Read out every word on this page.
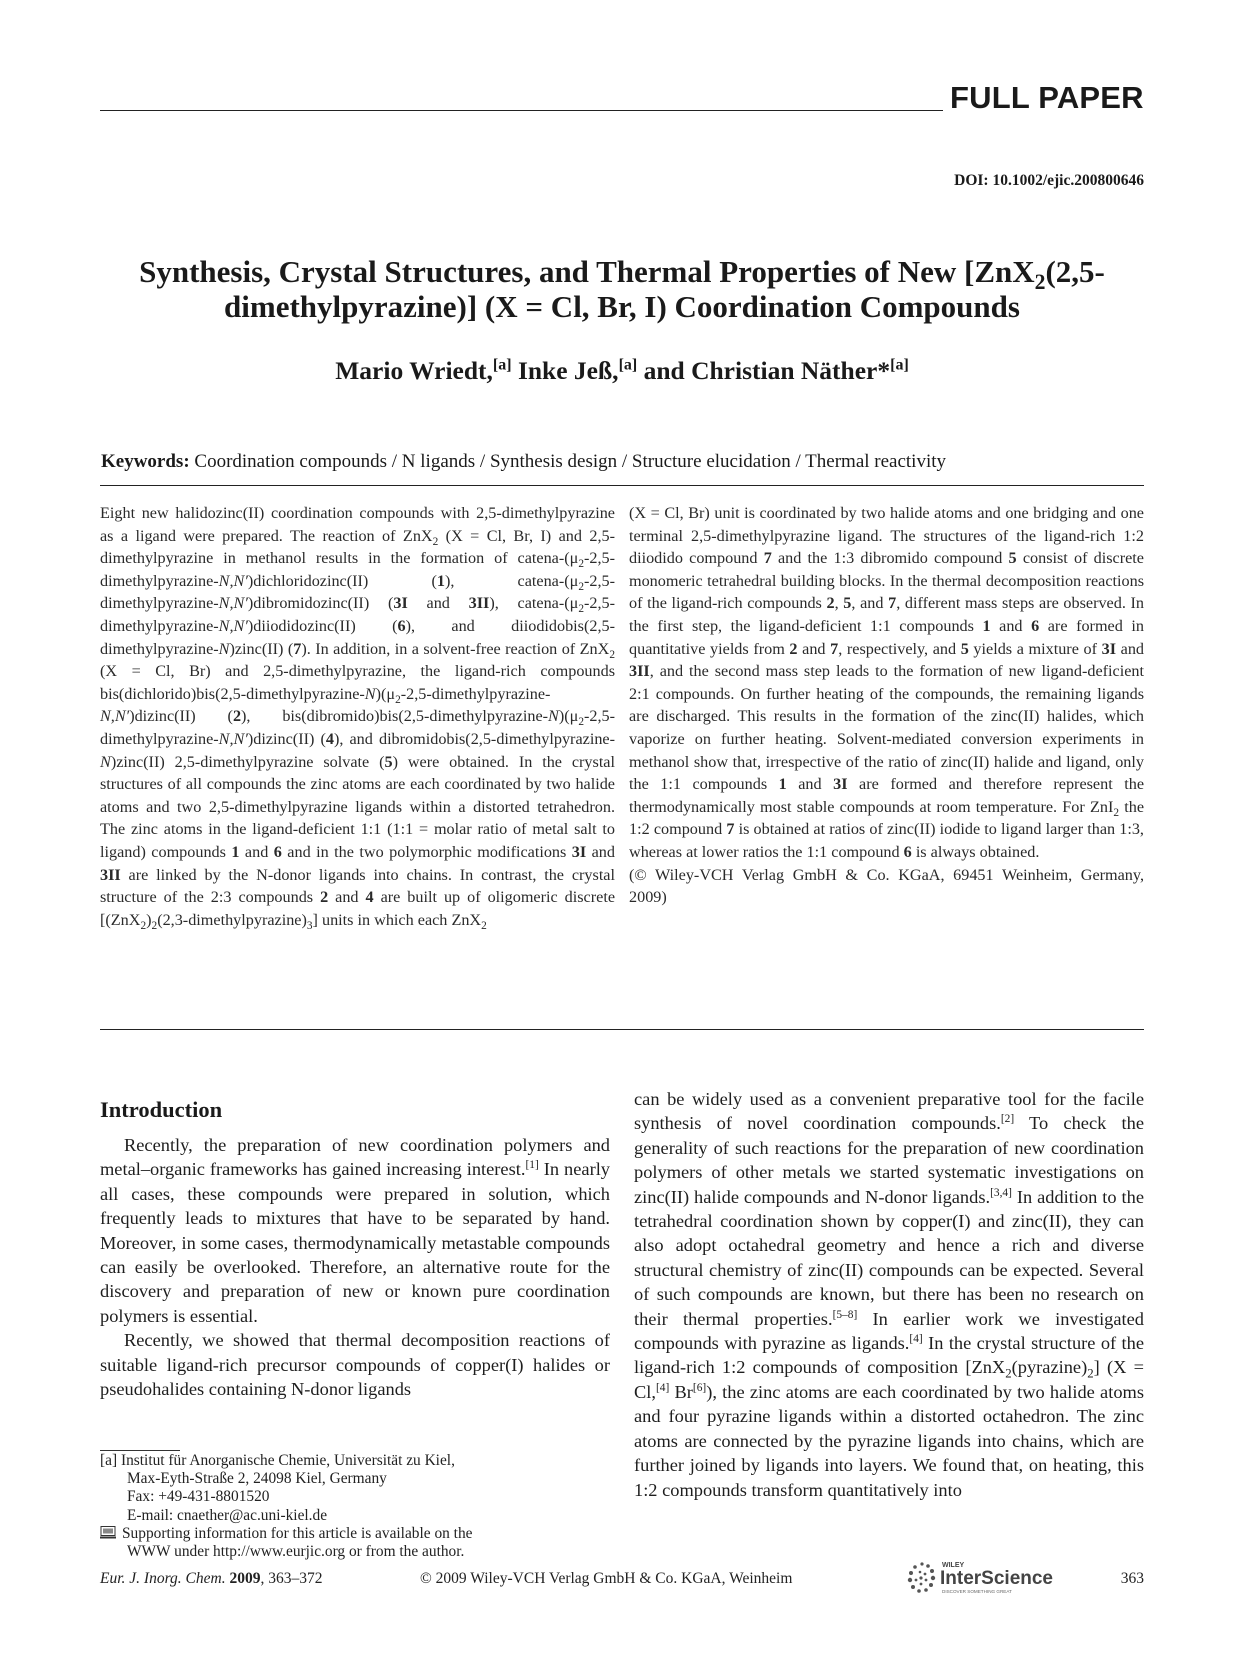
FULL PAPER
DOI: 10.1002/ejic.200800646
Synthesis, Crystal Structures, and Thermal Properties of New [ZnX$_2$(2,5-
dimethylpyrazine)] (X = Cl, Br, I) Coordination Compounds
Mario Wriedt,[a] Inke Jeß,[a] and Christian Näther*[a]
Keywords: Coordination compounds / N ligands / Synthesis design / Structure elucidation / Thermal reactivity

Eight new halidozinc(II) coordination compounds with 2,5-dimethylpyrazine as a ligand were prepared. The reaction of ZnX$_2$ (X = Cl, Br, I) and 2,5-dimethylpyrazine in methanol results in the formation of catena-$(\mu_2-2,5-dimethylpyrazine-N,N')dichloridozinc(II)$ (1), catena-$(\mu_2-2,5-dimethylpyrazine-N,N')dibromidozinc(II)$ (3I and 3II), catena-$(\mu_2-2,5-dimethylpyrazine-N,N')diiodidozinc(II)$ (6), and diiodidobis(2,5-dimethylpyrazine-N)zinc(II) (7). In addition, in a solvent-free reaction of ZnX$_2$ (X = Cl, Br) and 2,5-dimethylpyrazine, the ligand-rich compounds $bis(dichlorido)bis(2,5-dimethylpyrazine-N)(\mu_2-2,5-dimethylpyrazine-N,N')dizinc(II)$ (2), $bis(dibromido)bis(2,5-dimethylpyrazine-N)(\mu_2-2,5-dimethylpyrazine-N,N')dizinc(II)$ (4), and dibromidobis(2,5-dimethylpyrazine-N)zinc(II) 2,5-dimethylpyrazine solvate (5) were obtained. In the crystal structures of all compounds the zinc atoms are each coordinated by two halide atoms and two 2,5-dimethylpyrazine ligands within a distorted tetrahedron. The zinc atoms in the ligand-deficient 1:1 (1:1 = molar ratio of metal salt to ligand) compounds 1 and 6 and in the two polymorphic modifications 3I and 3II are linked by the N-donor ligands into chains. In contrast, the crystal structure of the 2:3 compounds 2 and 4 are built up of oligomeric discrete $[(ZnX_2)_2(2,3-dimethylpyrazine)_3]$ units in which each ZnX$_2$

(X = Cl, Br) unit is coordinated by two halide atoms and one bridging and one terminal 2,5-dimethylpyrazine ligand. The structures of the ligand-rich 1:2 diiodido compound 7 and the 1:3 dibromido compound 5 consist of discrete monomeric tetrahedral building blocks. In the thermal decomposition reactions of the ligand-rich compounds 2, 5, and 7, different mass steps are observed. In the first step, the ligand-deficient 1:1 compounds 1 and 6 are formed in quantitative yields from 2 and 7, respectively, and 5 yields a mixture of 3I and 3II, and the second mass step leads to the formation of new ligand-deficient 2:1 compounds. On further heating of the compounds, the remaining ligands are discharged. This results in the formation of the zinc(II) halides, which vaporize on further heating. Solvent-mediated conversion experiments in methanol show that, irrespective of the ratio of zinc(II) halide and ligand, only the 1:1 compounds 1 and 3I are formed and therefore represent the thermodynamically most stable compounds at room temperature. For ZnI$_2$ the 1:2 compound 7 is obtained at ratios of zinc(II) iodide to ligand larger than 1:3, whereas at lower ratios the 1:1 compound 6 is always obtained.

(© Wiley-VCH Verlag GmbH & Co. KGaA, 69451 Weinheim, Germany, 2009)

Introduction

Recently, the preparation of new coordination polymers and metal–organic frameworks has gained increasing interest.[1] In nearly all cases, these compounds were prepared in solution, which frequently leads to mixtures that have to be separated by hand. Moreover, in some cases, thermodynamically metastable compounds can easily be overlooked. Therefore, an alternative route for the discovery and preparation of new or known pure coordination polymers is essential.

Recently, we showed that thermal decomposition reactions of suitable ligand-rich precursor compounds of copper(I) halides or pseudohalides containing N-donor ligands

can be widely used as a convenient preparative tool for the facile synthesis of novel coordination compounds.[2] To check the generality of such reactions for the preparation of new coordination polymers of other metals we started systematic investigations on zinc(II) halide compounds and N-donor ligands.[3,4] In addition to the tetrahedral coordination shown by copper(I) and zinc(II), they can also adopt octahedral geometry and hence a rich and diverse structural chemistry of zinc(II) compounds can be expected. Several of such compounds are known, but there has been no research on their thermal properties.[5–8] In earlier work we investigated compounds with pyrazine as ligands.[4] In the crystal structure of the ligand-rich 1:2 compounds of composition $[ZnX_2(pyrazine)_2] (X = Cl,[4]$ Br[6]), the zinc atoms are each coordinated by two halide atoms and four pyrazine ligands within a distorted octahedron. The zinc atoms are connected by the pyrazine ligands into chains, which are further joined by ligands into layers. We found that, on heating, this 1:2 compounds transform quantitatively into

[a] Institut für Anorganische Chemie, Universität zu Kiel,
Max-Eyth-Straße 2, 24098 Kiel, Germany
Fax: +49-431-8801520
E-mail: cnaether@ac.uni-kiel.de
Supporting information for this article is available on the
WWW under http://www.eurjic.org or from the author.
Eur. J. Inorg. Chem. 2009, 363–372	© 2009 Wiley-VCH Verlag GmbH & Co. KGaA, Weinheim
WILEY
InterScience
DISCOVER SOMETHING GREAT
363
